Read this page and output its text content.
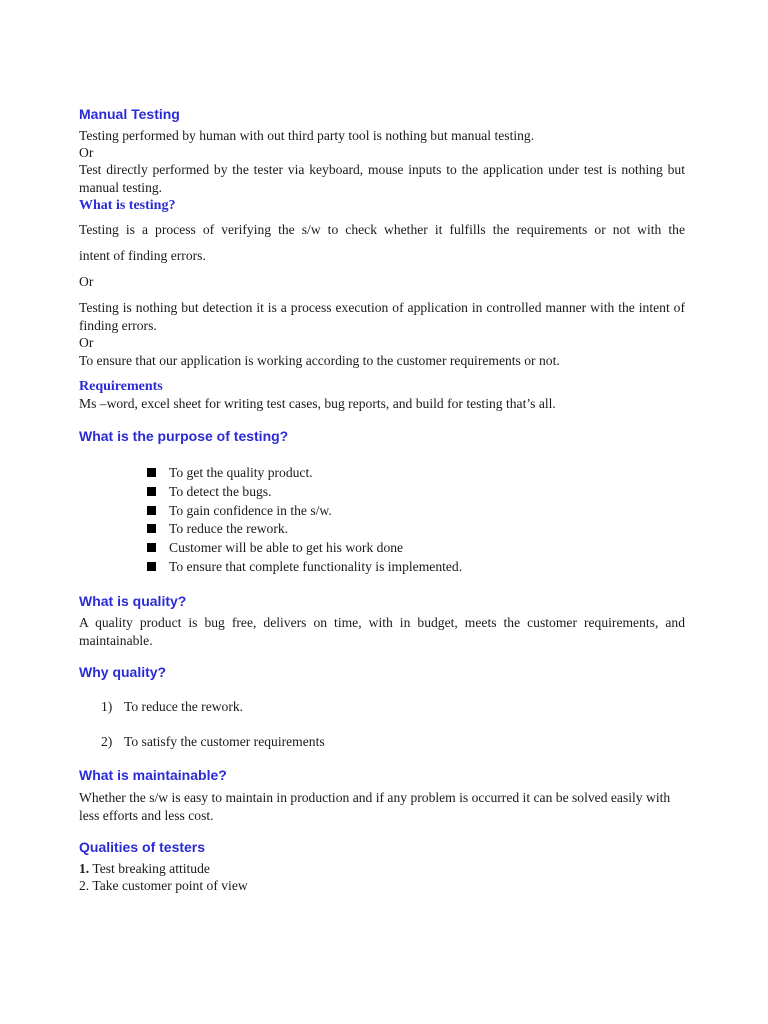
Manual Testing
Testing performed by human with out third party tool is nothing but manual testing.
Or
Test directly performed by the tester via keyboard, mouse inputs to the application under test is nothing but manual testing.
What is testing?
Testing is a process of verifying the s/w to check whether it fulfills the requirements or not with the
intent of finding errors.
Or
Testing is nothing but detection it is a process execution of application in controlled manner with the intent of finding errors.
Or
To ensure that our application is working according to the customer requirements or not.
Requirements
Ms –word, excel sheet for writing test cases, bug reports, and build for testing that’s all.
What is the purpose of testing?
To get the quality product.
To detect the bugs.
To gain confidence in the s/w.
To reduce the rework.
Customer will be able to get his work done
To ensure that complete functionality is implemented.
What is quality?
A quality product is bug free, delivers on time, with in budget, meets the customer requirements, and maintainable.
Why quality?
1) To reduce the rework.
2) To satisfy the customer requirements
What is maintainable?
Whether the s/w is easy to maintain in production and if any problem is occurred it can be solved easily with less efforts and less cost.
Qualities of testers
1. Test breaking attitude
2. Take customer point of view
